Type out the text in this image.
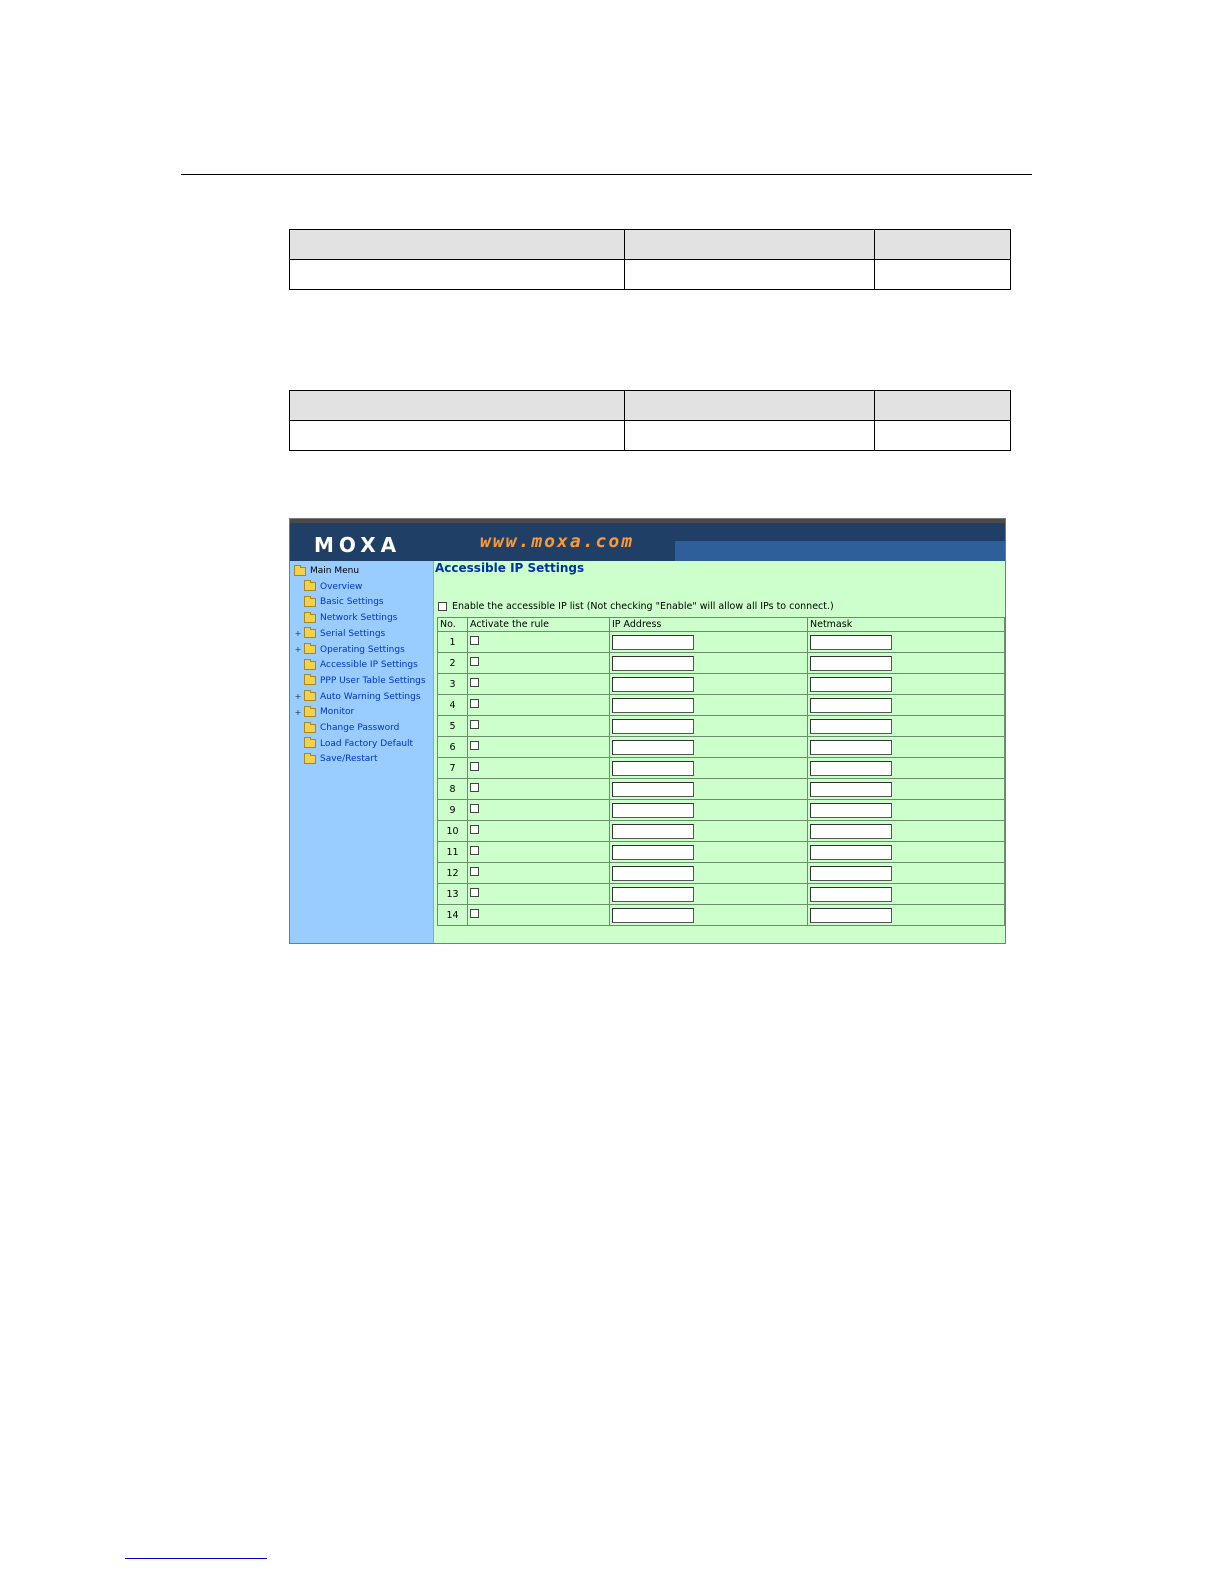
MOXA	www.moxa.com
Main Menu
Overview
Basic Settings
Network Settings
+ Serial Settings
+ Operating Settings
Accessible IP Settings
PPP User Table Settings
+ Auto Warning Settings
+ Monitor
Change Password
Load Factory Default
Save/Restart
Accessible IP Settings
Enable the accessible IP list (Not checking "Enable" will allow all IPs to connect.)
No.	Activate the rule	IP Address	Netmask
1			
2			
3			
4			
5			
6			
7			
8			
9			
10			
11			
12			
13			
14			
